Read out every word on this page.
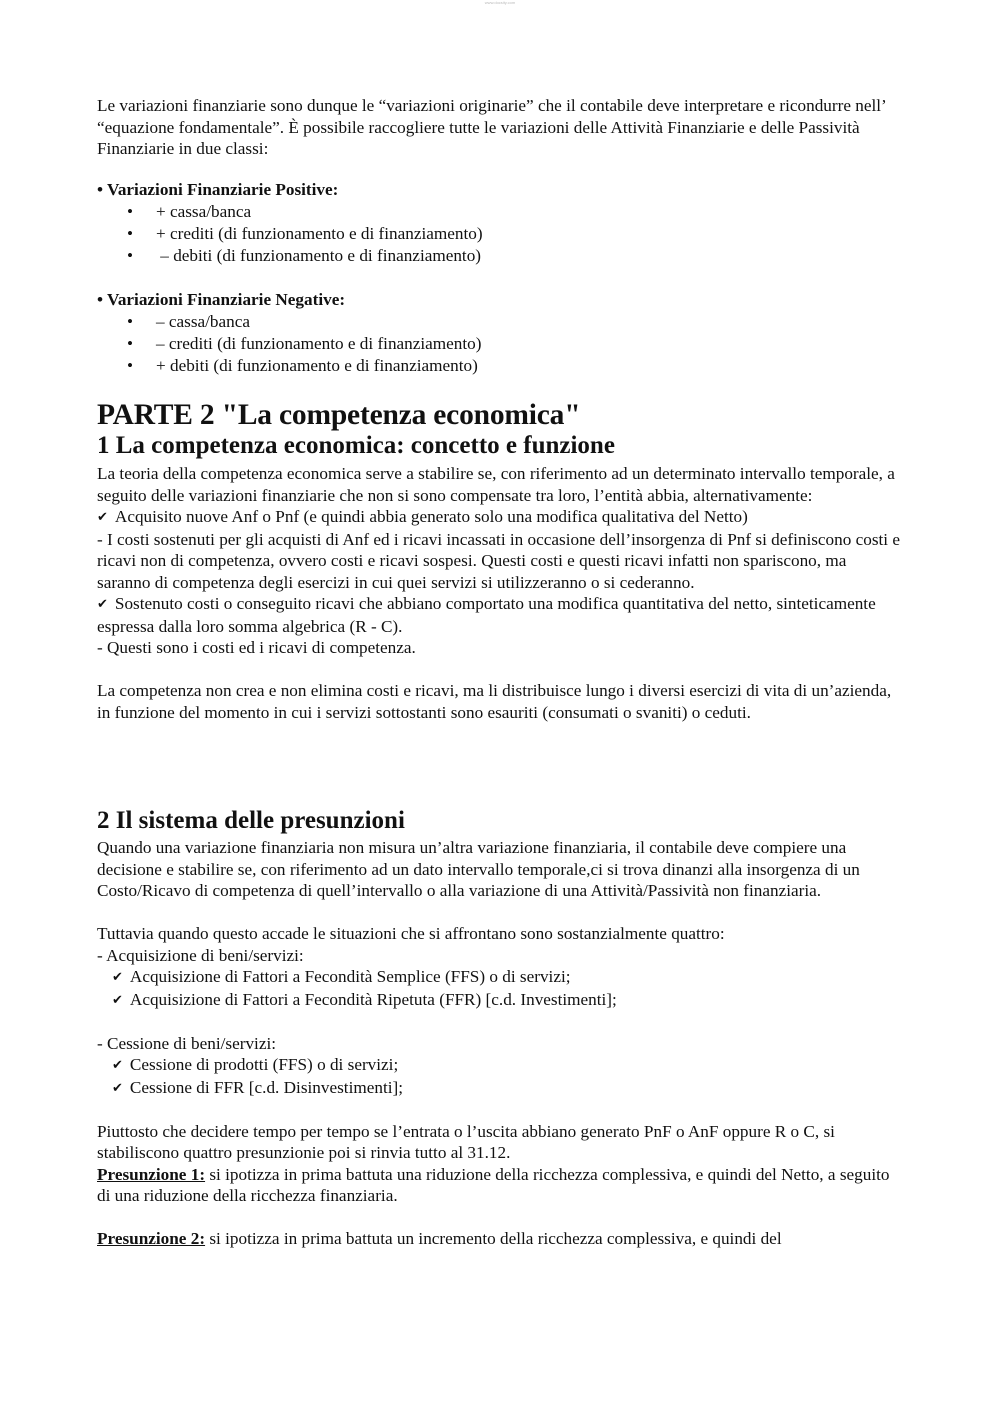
www.docsity.com

Le variazioni finanziarie sono dunque le “variazioni originarie” che il contabile deve interpretare e ricondurre nell’ “equazione fondamentale”. È possibile raccogliere tutte le variazioni delle Attività Finanziarie e delle Passività Finanziarie in due classi:

• Variazioni Finanziarie Positive:
• + cassa/banca
• + crediti (di funzionamento e di finanziamento)
• – debiti (di funzionamento e di finanziamento)
• Variazioni Finanziarie Negative:
• – cassa/banca
• – crediti (di funzionamento e di finanziamento)
• + debiti (di funzionamento e di finanziamento)
PARTE 2 "La competenza economica"
1 La competenza economica: concetto e funzione

La teoria della competenza economica serve a stabilire se, con riferimento ad un determinato intervallo temporale, a seguito delle variazioni finanziarie che non si sono compensate tra loro, l’entità abbia, alternativamente:

✔ Acquisito nuove Anf o Pnf (e quindi abbia generato solo una modifica qualitativa del Netto)

- I costi sostenuti per gli acquisti di Anf ed i ricavi incassati in occasione dell’insorgenza di Pnf si definiscono costi e ricavi non di competenza, ovvero costi e ricavi sospesi. Questi costi e questi ricavi infatti non spariscono, ma saranno di competenza degli esercizi in cui quei servizi si utilizzeranno o si cederanno.

✔ Sostenuto costi o conseguito ricavi che abbiano comportato una modifica quantitativa del netto, sinteticamente espressa dalla loro somma algebrica (R - C).

- Questi sono i costi ed i ricavi di competenza.

La competenza non crea e non elimina costi e ricavi, ma li distribuisce lungo i diversi esercizi di vita di un’azienda, in funzione del momento in cui i servizi sottostanti sono esauriti (consumati o svaniti) o ceduti.

2 Il sistema delle presunzioni

Quando una variazione finanziaria non misura un’altra variazione finanziaria, il contabile deve compiere una decisione e stabilire se, con riferimento ad un dato intervallo temporale,ci si trova dinanzi alla insorgenza di un Costo/Ricavo di competenza di quell’intervallo o alla variazione di una Attività/Passività non finanziaria.

Tuttavia quando questo accade le situazioni che si affrontano sono sostanzialmente quattro:

- Acquisizione di beni/servizi:

✔ Acquisizione di Fattori a Fecondità Semplice (FFS) o di servizi;

✔ Acquisizione di Fattori a Fecondità Ripetuta (FFR) [c.d. Investimenti];

- Cessione di beni/servizi:

✔ Cessione di prodotti (FFS) o di servizi;

✔ Cessione di FFR [c.d. Disinvestimenti];

Piuttosto che decidere tempo per tempo se l’entrata o l’uscita abbiano generato PnF o AnF oppure R o C, si stabiliscono quattro presunzionie poi si rinvia tutto al 31.12.

Presunzione 1: si ipotizza in prima battuta una riduzione della ricchezza complessiva, e quindi del Netto, a seguito di una riduzione della ricchezza finanziaria.

Presunzione 2: si ipotizza in prima battuta un incremento della ricchezza complessiva, e quindi del
